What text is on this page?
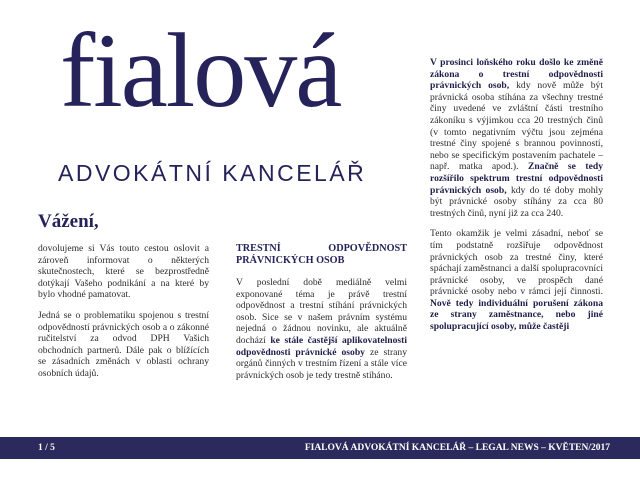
fialová
ADVOKÁTNÍ KANCELÁŘ
Vážení,

dovolujeme si Vás touto cestou oslovit a zároveň informovat o některých skutečnostech, které se bezprostředně dotýkají Vašeho podnikání a na které by bylo vhodné pamatovat.

Jedná se o problematiku spojenou s trestní odpovědností právnických osob a o zákonné ručitelství za odvod DPH Vašich obchodních partnerů. Dále pak o blížících se zásadních změnách v oblasti ochrany osobních údajů.

TRESTNÍ ODPOVĚDNOST
PRÁVNICKÝCH OSOB

V poslední době mediálně velmi exponované téma je právě trestní odpovědnost a trestní stíhání právnických osob. Sice se v našem právním systému nejedná o žádnou novinku, ale aktuálně dochází ke stále častější aplikovatelnosti odpovědnosti právnické osoby ze strany orgánů činných v trestním řízení a stále více právnických osob je tedy trestně stíháno.

V prosinci loňského roku došlo ke změně zákona o trestní odpovědnosti právnických osob, kdy nově může být právnická osoba stíhána za všechny trestné činy uvedené ve zvláštní části trestního zákoníku s výjimkou cca 20 trestných činů (v tomto negativním výčtu jsou zejména trestné činy spojené s brannou povinností, nebo se specifickým postavením pachatele – např. matka apod.). Značně se tedy rozšířilo spektrum trestní odpovědnosti právnických osob, kdy do té doby mohly být právnické osoby stíhány za cca 80 trestných činů, nyní již za cca 240.

Tento okamžik je velmi zásadní, neboť se tím podstatně rozšiřuje odpovědnost právnických osob za trestné činy, které spáchají zaměstnanci a další spolupracovníci právnické osoby, ve prospěch dané právnické osoby nebo v rámci její činnosti. Nově tedy individuální porušení zákona ze strany zaměstnance, nebo jiné spolupracující osoby, může častěji

1 / 5	FIALOVÁ ADVOKÁTNÍ KANCELÁŘ – LEGAL NEWS – KVĚTEN/2017
